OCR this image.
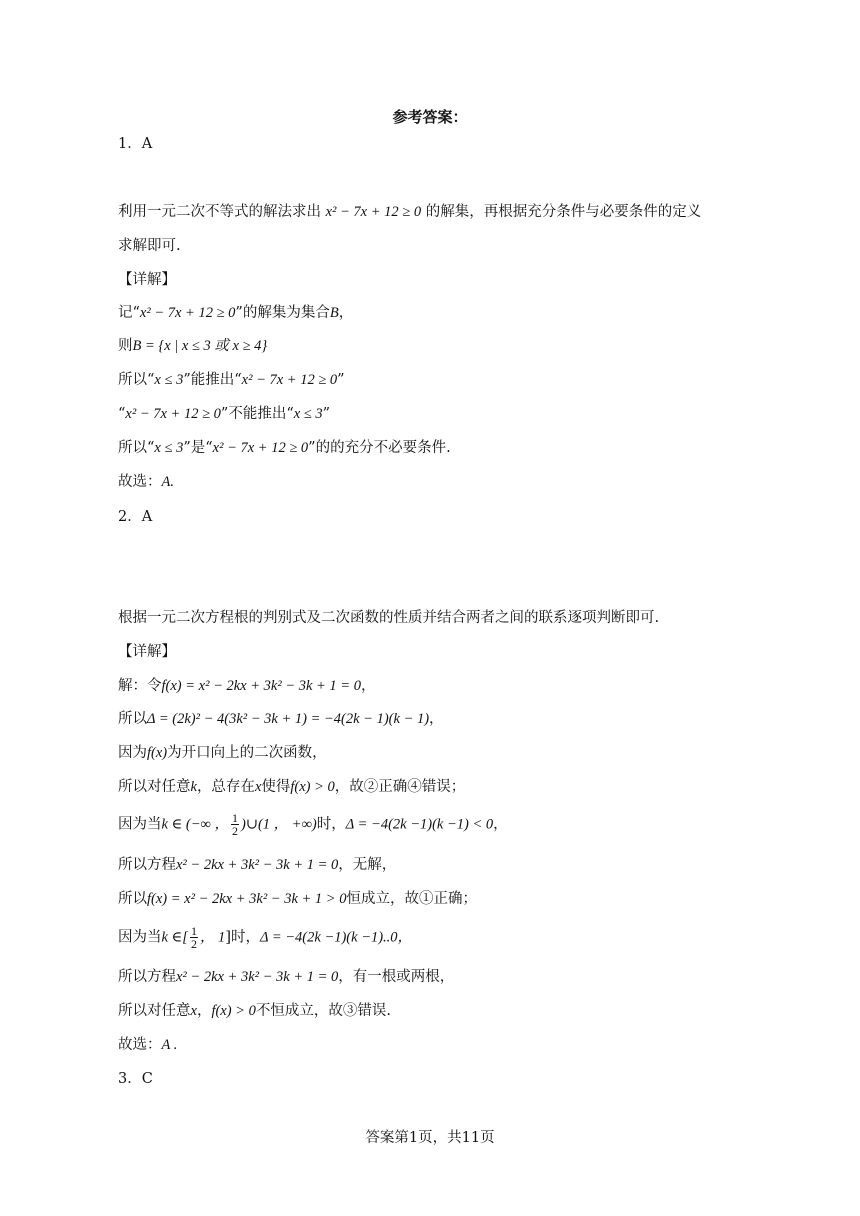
参考答案：
1．A
利用一元二次不等式的解法求出 x² − 7x + 12 ≥ 0 的解集，再根据充分条件与必要条件的定义
求解即可.
【详解】
记“x² − 7x + 12 ≥ 0”的解集为集合B，
则B = {x | x ≤ 3 或 x ≥ 4}
所以“x ≤ 3”能推出“x² − 7x + 12 ≥ 0”
“x² − 7x + 12 ≥ 0”不能推出“x ≤ 3”
所以“x ≤ 3”是“x² − 7x + 12 ≥ 0”的的充分不必要条件.
故选：A.
2．A
根据一元二次方程根的判别式及二次函数的性质并结合两者之间的联系逐项判断即可.
【详解】
解：令f(x) = x² − 2kx + 3k² − 3k + 1 = 0，
所以Δ = (2k)² − 4(3k² − 3k + 1) = −4(2k − 1)(k − 1)，
因为f(x)为开口向上的二次函数，
所以对任意k，总存在x使得f(x) > 0，故②正确④错误；
因为当k ∈ (−∞ ， $\frac{1}{2}$ )∪(1 ， +∞)时，Δ = −4(2k −1)(k −1) < 0，
所以方程x² − 2kx + 3k² − 3k + 1 = 0，无解，
所以f(x) = x² − 2kx + 3k² − 3k + 1 > 0恒成立，故①正确；
因为当k ∈[ $\frac{1}{2}$ ， 1]时，Δ = −4(2k −1)(k −1)..0，
所以方程x² − 2kx + 3k² − 3k + 1 = 0，有一根或两根，
所以对任意x，f(x) > 0不恒成立，故③错误.
故选：A .
3．C
答案第1页，共11页
